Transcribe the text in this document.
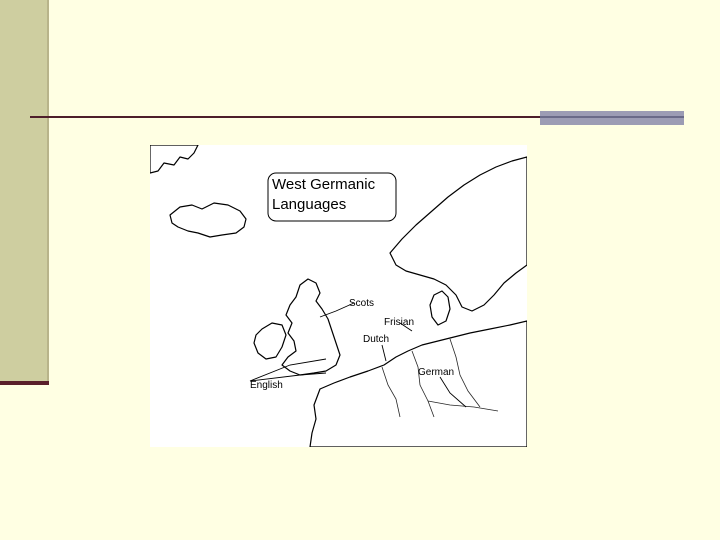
West Germanic
Languages
Scots
Frisian
Dutch
German
English
